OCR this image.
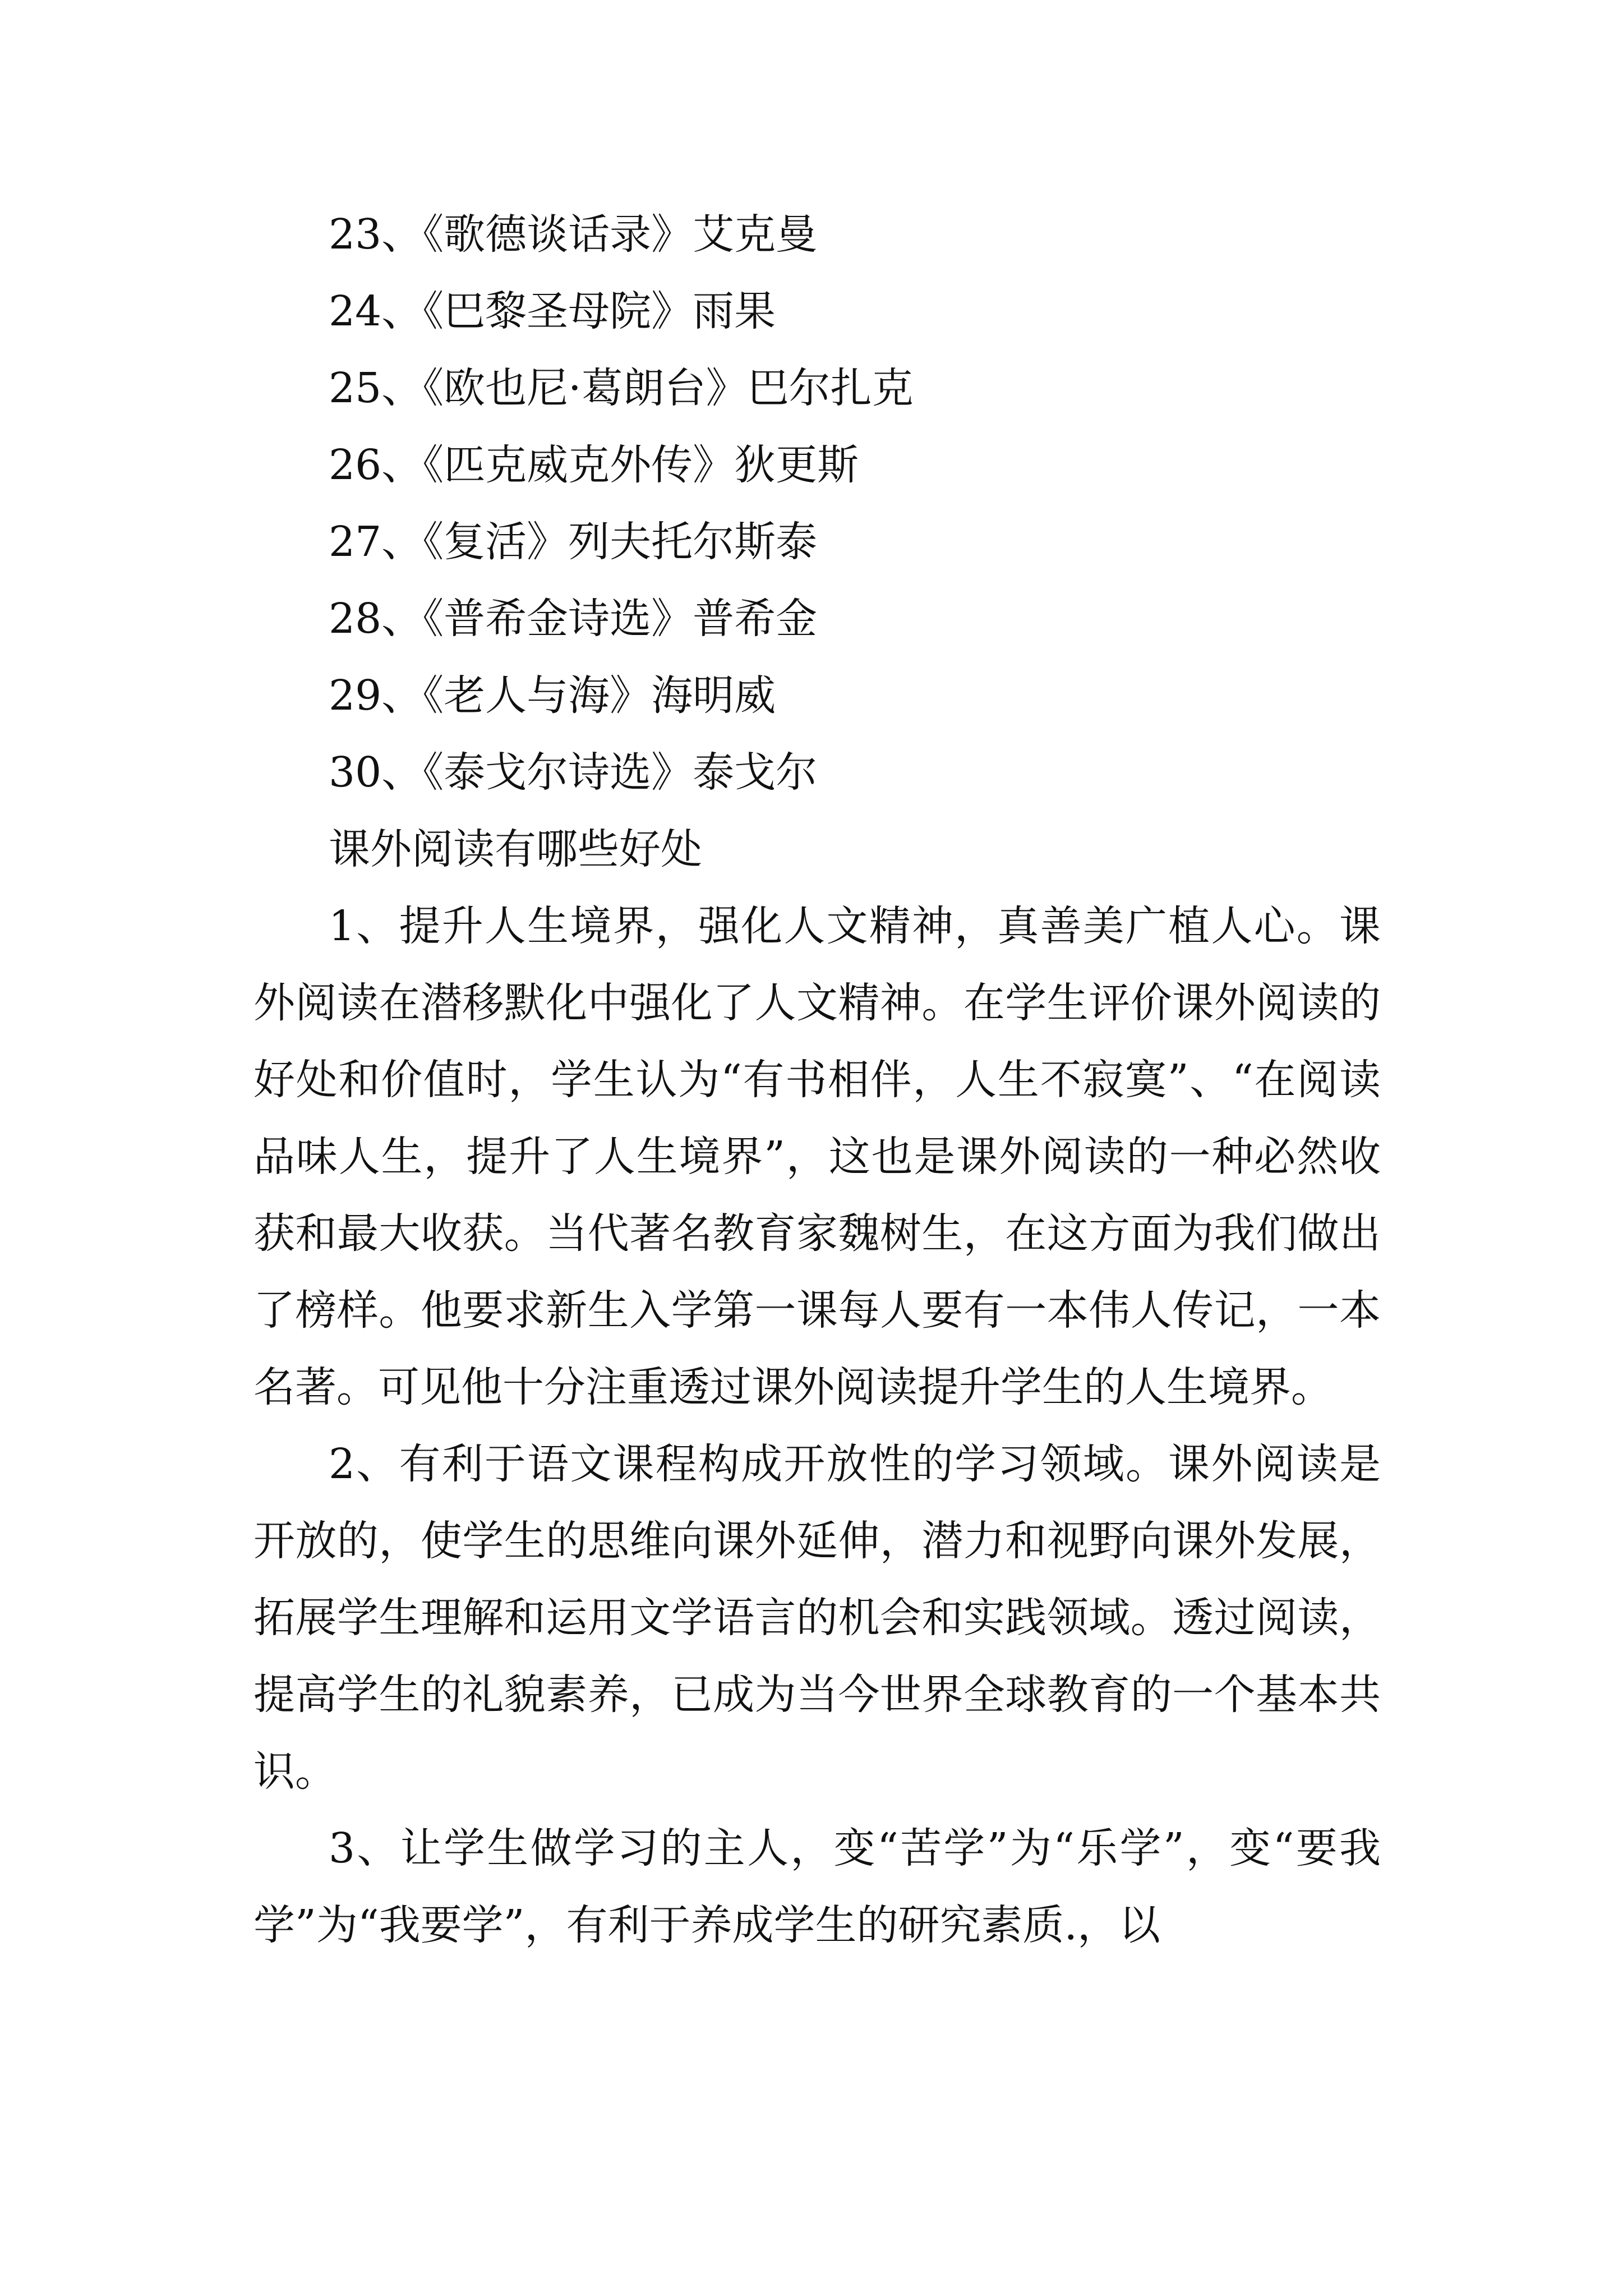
23、《歌德谈话录》艾克曼

24、《巴黎圣母院》雨果

25、《欧也尼·葛朗台》巴尔扎克

26、《匹克威克外传》狄更斯

27、《复活》列夫托尔斯泰

28、《普希金诗选》普希金

29、《老人与海》海明威

30、《泰戈尔诗选》泰戈尔

课外阅读有哪些好处

1、提升人生境界，强化人文精神，真善美广植人心。课外阅读在潜移默化中强化了人文精神。在学生评价课外阅读的好处和价值时，学生认为“有书相伴，人生不寂寞”、“在阅读品味人生，提升了人生境界”，这也是课外阅读的一种必然收获和最大收获。当代著名教育家魏树生，在这方面为我们做出了榜样。他要求新生入学第一课每人要有一本伟人传记，一本名著。可见他十分注重透过课外阅读提升学生的人生境界。

2、有利于语文课程构成开放性的学习领域。课外阅读是开放的，使学生的思维向课外延伸，潜力和视野向课外发展，拓展学生理解和运用文学语言的机会和实践领域。透过阅读，提高学生的礼貌素养，已成为当今世界全球教育的一个基本共识。

3、让学生做学习的主人，变“苦学”为“乐学”，变“要我学”为“我要学”，有利于养成学生的研究素质.，以
